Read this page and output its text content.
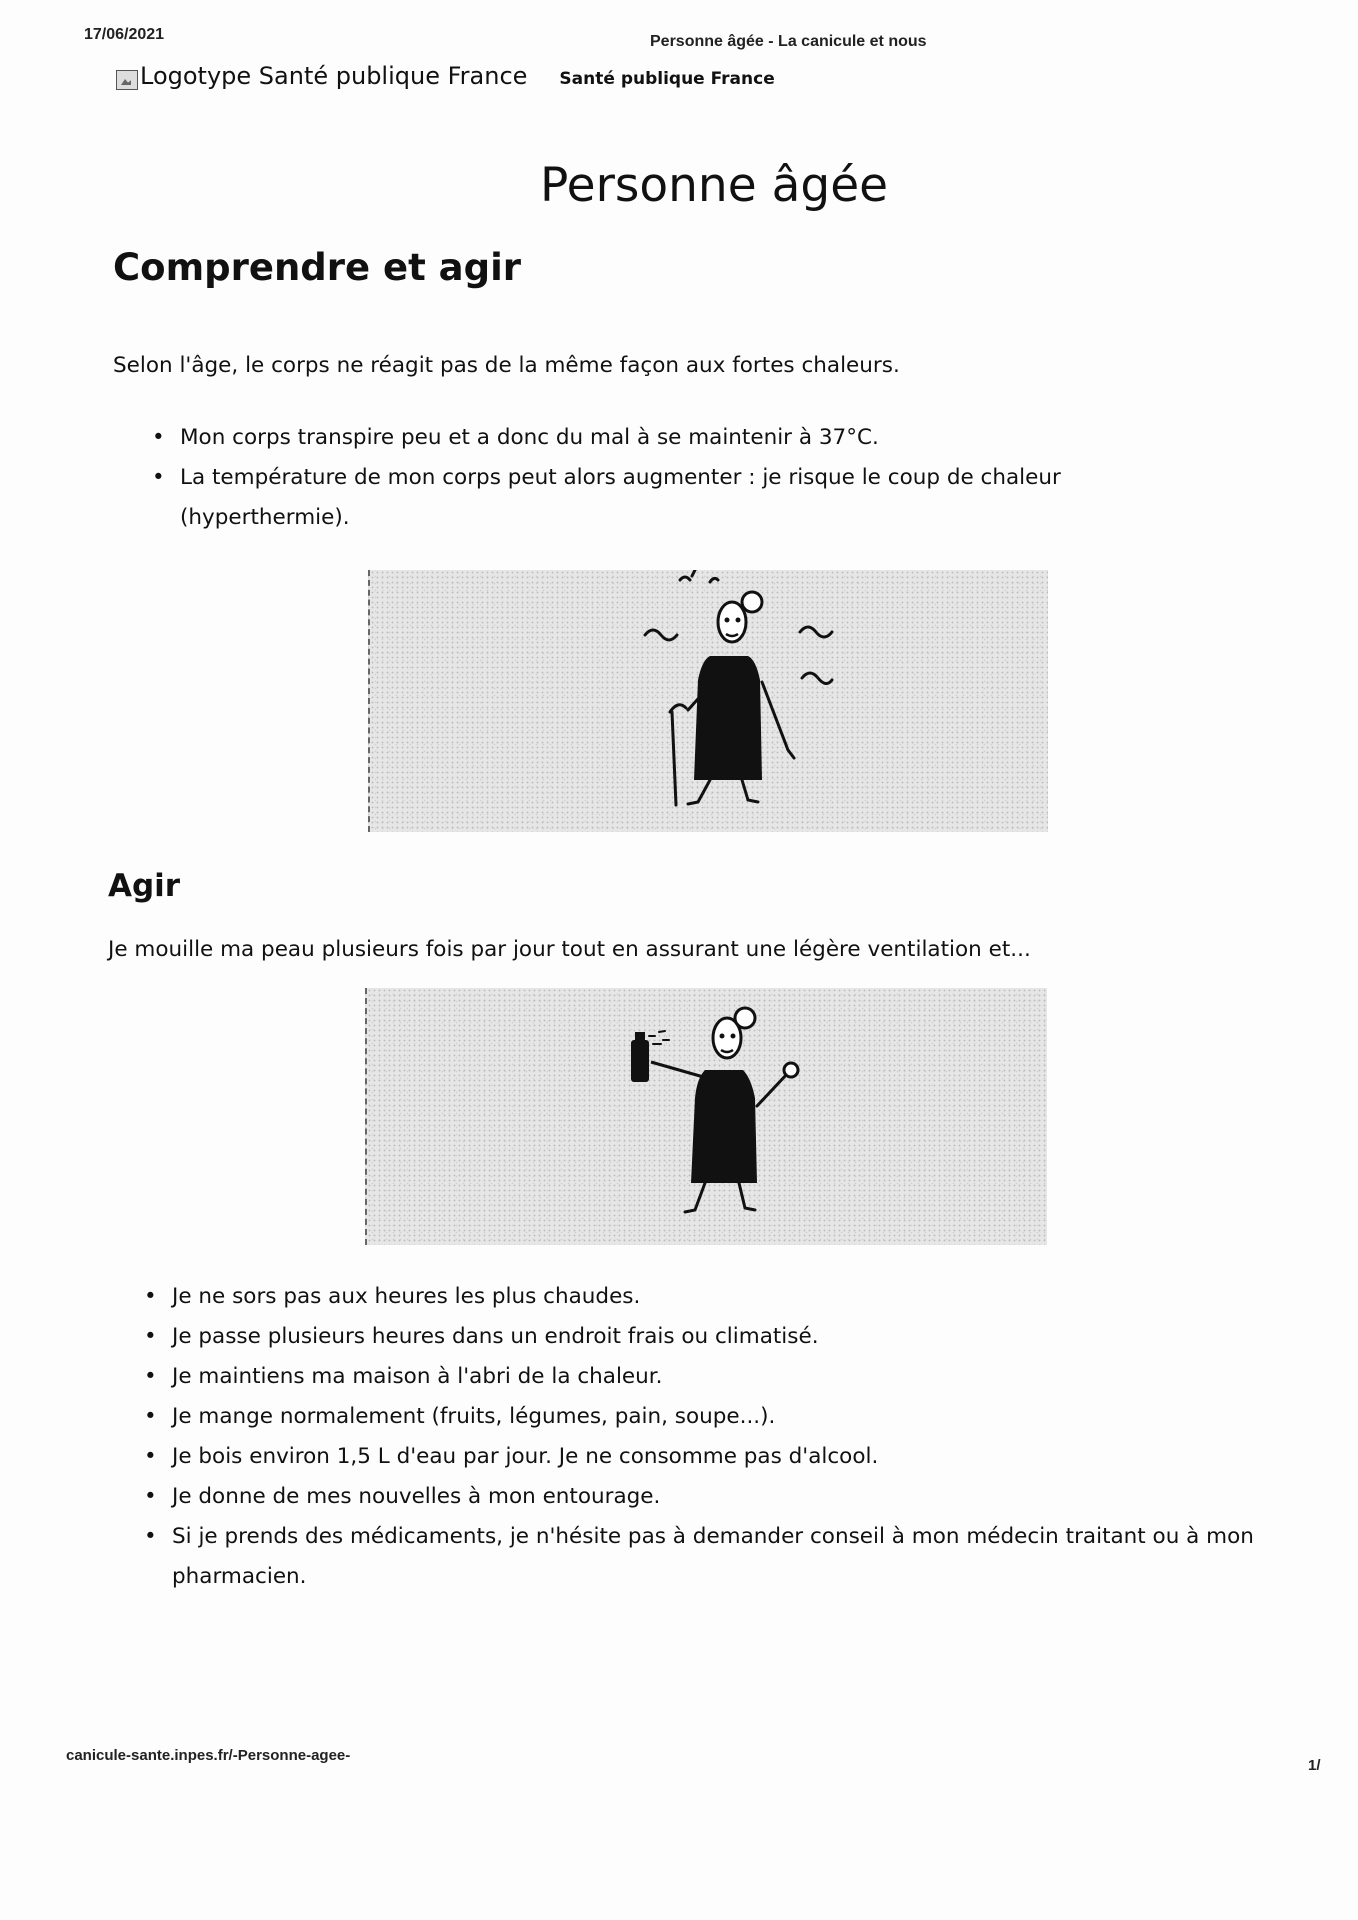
17/06/2021	Personne âgée - La canicule et nous
Logotype Santé publique France Santé publique France
Personne âgée
Comprendre et agir
Selon l'âge, le corps ne réagit pas de la même façon aux fortes chaleurs.
• Mon corps transpire peu et a donc du mal à se maintenir à 37°C.
• La température de mon corps peut alors augmenter : je risque le coup de chaleur (hyperthermie).
Agir
Je mouille ma peau plusieurs fois par jour tout en assurant une légère ventilation et...
• Je ne sors pas aux heures les plus chaudes.
• Je passe plusieurs heures dans un endroit frais ou climatisé.
• Je maintiens ma maison à l'abri de la chaleur.
• Je mange normalement (fruits, légumes, pain, soupe...).
• Je bois environ 1,5 L d'eau par jour. Je ne consomme pas d'alcool.
• Je donne de mes nouvelles à mon entourage.
• Si je prends des médicaments, je n'hésite pas à demander conseil à mon médecin traitant ou à mon pharmacien.
canicule-sante.inpes.fr/-Personne-agee-
1/
